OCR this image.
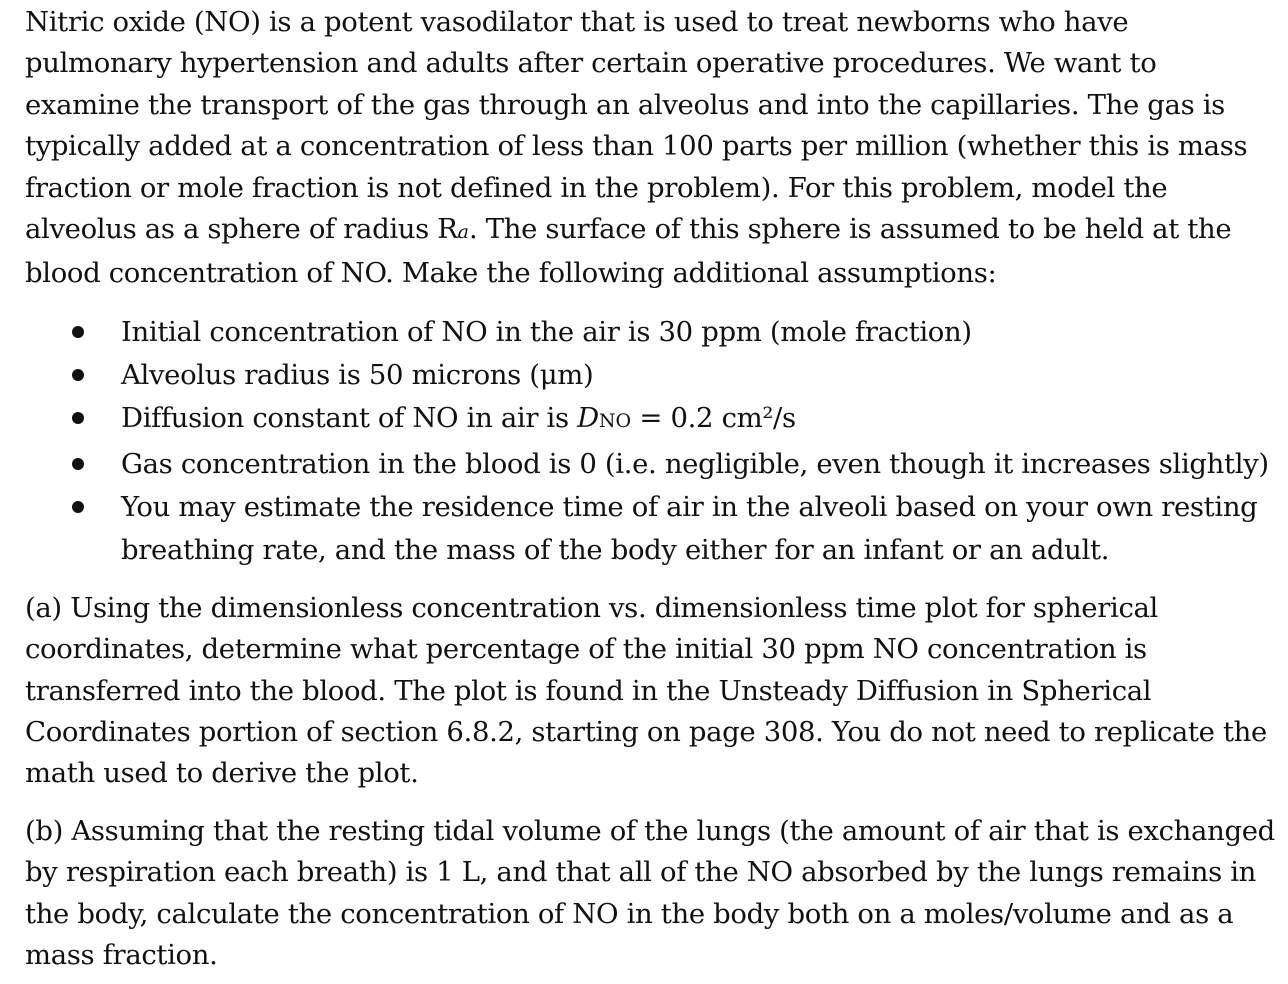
Nitric oxide (NO) is a potent vasodilator that is used to treat newborns who have pulmonary hypertension and adults after certain operative procedures. We want to examine the transport of the gas through an alveolus and into the capillaries. The gas is typically added at a concentration of less than 100 parts per million (whether this is mass fraction or mole fraction is not defined in the problem). For this problem, model the alveolus as a sphere of radius Ra. The surface of this sphere is assumed to be held at the blood concentration of NO. Make the following additional assumptions:

Initial concentration of NO in the air is 30 ppm (mole fraction)
Alveolus radius is 50 microns (μm)
Diffusion constant of NO in air is DNO = 0.2 cm²/s
Gas concentration in the blood is 0 (i.e. negligible, even though it increases slightly)
You may estimate the residence time of air in the alveoli based on your own resting breathing rate, and the mass of the body either for an infant or an adult.

(a) Using the dimensionless concentration vs. dimensionless time plot for spherical coordinates, determine what percentage of the initial 30 ppm NO concentration is transferred into the blood. The plot is found in the Unsteady Diffusion in Spherical Coordinates portion of section 6.8.2, starting on page 308. You do not need to replicate the math used to derive the plot.

(b) Assuming that the resting tidal volume of the lungs (the amount of air that is exchanged by respiration each breath) is 1 L, and that all of the NO absorbed by the lungs remains in the body, calculate the concentration of NO in the body both on a moles/volume and as a mass fraction.
